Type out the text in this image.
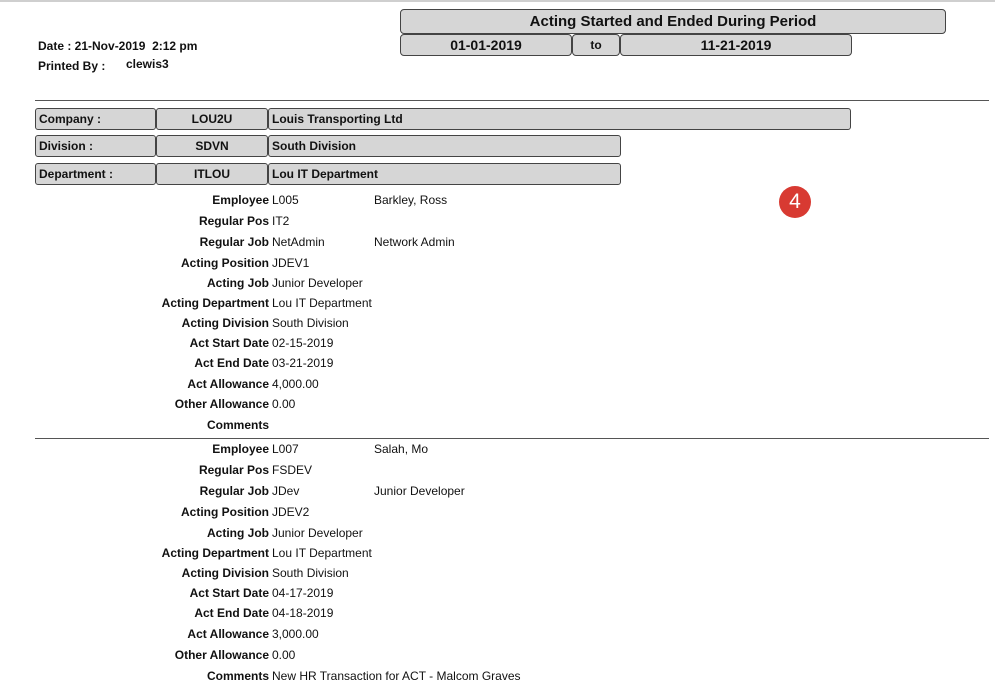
Date : 21-Nov-2019 2:12 pm
Printed By : clewis3
Acting Started and Ended During Period
01-01-2019	to	11-21-2019
Company :	LOU2U	Louis Transporting Ltd
Division :	SDVN	South Division
Department :	ITLOU	Lou IT Department
Employee L005	Barkley, Ross
Regular Pos IT2
Regular Job NetAdmin	Network Admin
Acting Position JDEV1
Acting Job Junior Developer
Acting Department Lou IT Department
Acting Division South Division
Act Start Date 02-15-2019
Act End Date 03-21-2019
Act Allowance 4,000.00
Other Allowance 0.00
Comments
Employee L007	Salah, Mo
Regular Pos FSDEV
Regular Job JDev	Junior Developer
Acting Position JDEV2
Acting Job Junior Developer
Acting Department Lou IT Department
Acting Division South Division
Act Start Date 04-17-2019
Act End Date 04-18-2019
Act Allowance 3,000.00
Other Allowance 0.00
Comments New HR Transaction for ACT - Malcom Graves
4
